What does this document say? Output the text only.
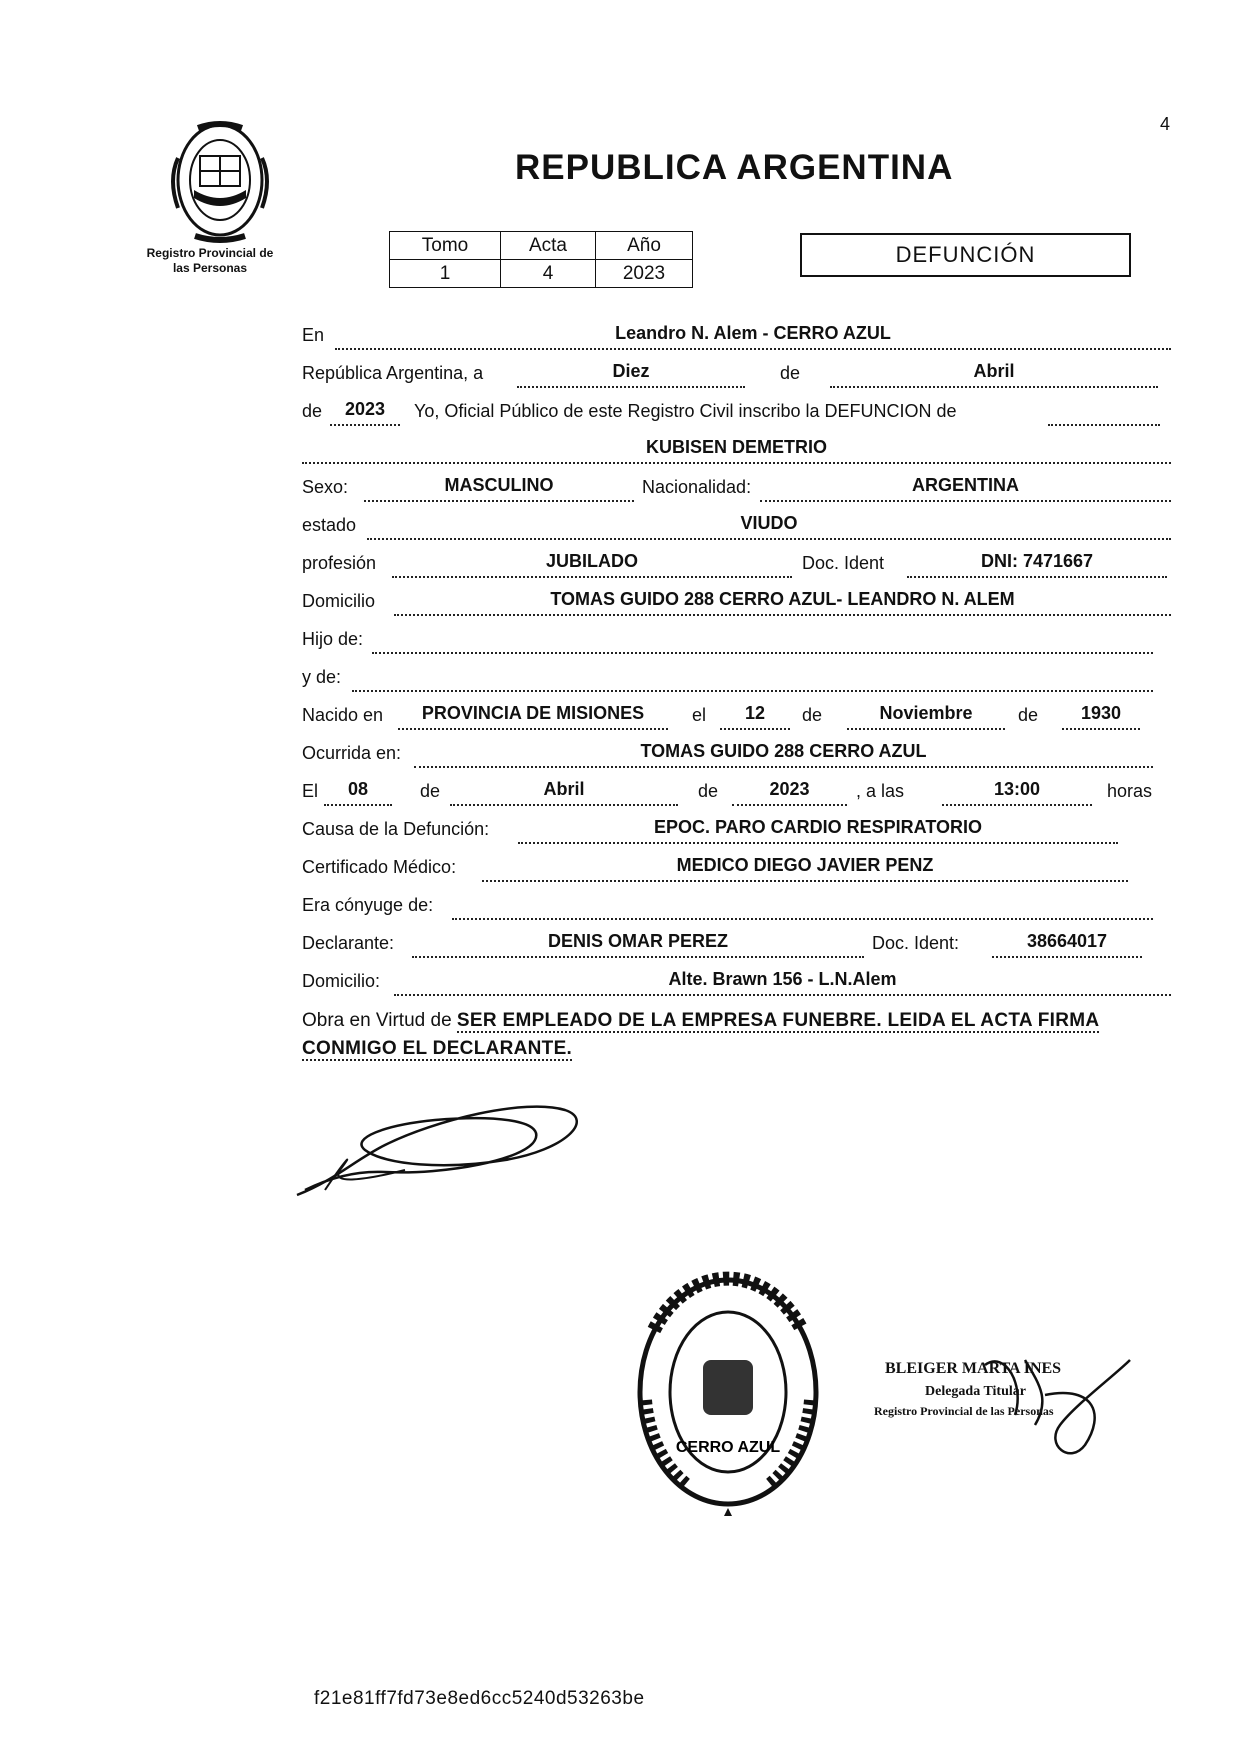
4
Registro Provincial de
las Personas
REPUBLICA ARGENTINA
Tomo	Acta	Año
1	4	2023
DEFUNCIÓN
En	Leandro N. Alem - CERRO AZUL
República Argentina, a	Diez	de	Abril
de	2023	Yo, Oficial Público de este Registro Civil inscribo la DEFUNCION de
KUBISEN DEMETRIO
Sexo:	MASCULINO	Nacionalidad:	ARGENTINA
estado	VIUDO
profesión	JUBILADO	Doc. Ident	DNI: 7471667
Domicilio	TOMAS GUIDO 288 CERRO AZUL- LEANDRO N. ALEM
Hijo de:
y de:
Nacido en	PROVINCIA DE MISIONES	el	12	de	Noviembre	de	1930
Ocurrida en:	TOMAS GUIDO 288 CERRO AZUL
El	08	de	Abril	de	2023	, a las	13:00	horas
Causa de la Defunción:	EPOC. PARO CARDIO RESPIRATORIO
Certificado Médico:	MEDICO DIEGO JAVIER PENZ
Era cónyuge de:
Declarante:	DENIS OMAR PEREZ	Doc. Ident:	38664017
Domicilio:	Alte. Brawn 156 - L.N.Alem
Obra en Virtud de SER EMPLEADO DE LA EMPRESA FUNEBRE. LEIDA EL ACTA FIRMA CONMIGO EL DECLARANTE.
CERRO AZUL
BLEIGER MARTA INES
Delegada Titular
Registro Provincial de las Personas
f21e81ff7fd73e8ed6cc5240d53263be
